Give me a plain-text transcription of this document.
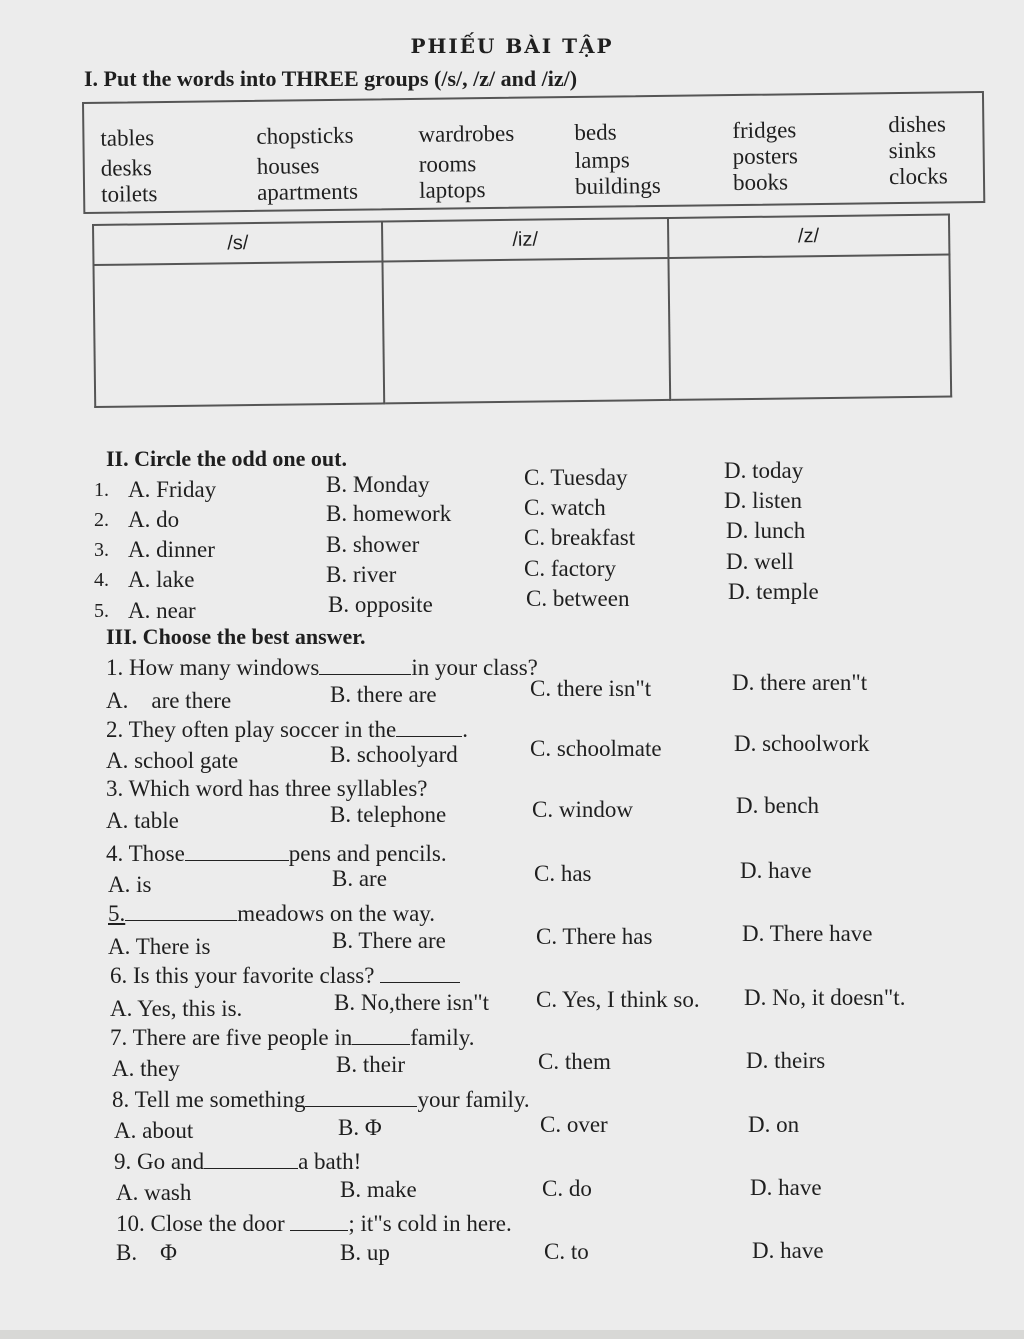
PHIẾU BÀI TẬP
I. Put the words into THREE groups (/s/, /z/ and /iz/)
tables	chopsticks	wardrobes	beds	fridges	dishes
desks	houses	rooms	lamps	posters	sinks
toilets	apartments	laptops	buildings	books	clocks
/s/	/iz/	/z/

II. Circle the odd one out.
1. A. Friday	B. Monday	C. Tuesday	D. today
2. A. do	B. homework	C. watch	D. listen
3. A. dinner	B. shower	C. breakfast	D. lunch
4. A. lake	B. river	C. factory	D. well
5. A. near	B. opposite	C. between	D. temple
III. Choose the best answer.
1. How many windows	in your class?
A.    are there	B. there are	C. there isn"t	D. there aren"t
2. They often play soccer in the	.
A. school gate	B. schoolyard	C. schoolmate	D. schoolwork
3. Which word has three syllables?
A. table	B. telephone	C. window	D. bench
4. Those	pens and pencils.
A. is	B. are	C. has	D. have
5.	meadows on the way.
A. There is	B. There are	C. There has	D. There have
6. Is this your favorite class?
A. Yes, this is.	B. No,there isn"t C. Yes, I think so. D. No, it doesn"t.
7. There are five people in	family.
A. they	B. their	C. them	D. theirs
8. Tell me something	your family.
A. about	B. Φ	C. over	D. on
9. Go and	a bath!
A. wash	B. make	C. do	D. have
10. Close the door	; it"s cold in here.
B.    Φ	B. up	C. to	D. have
